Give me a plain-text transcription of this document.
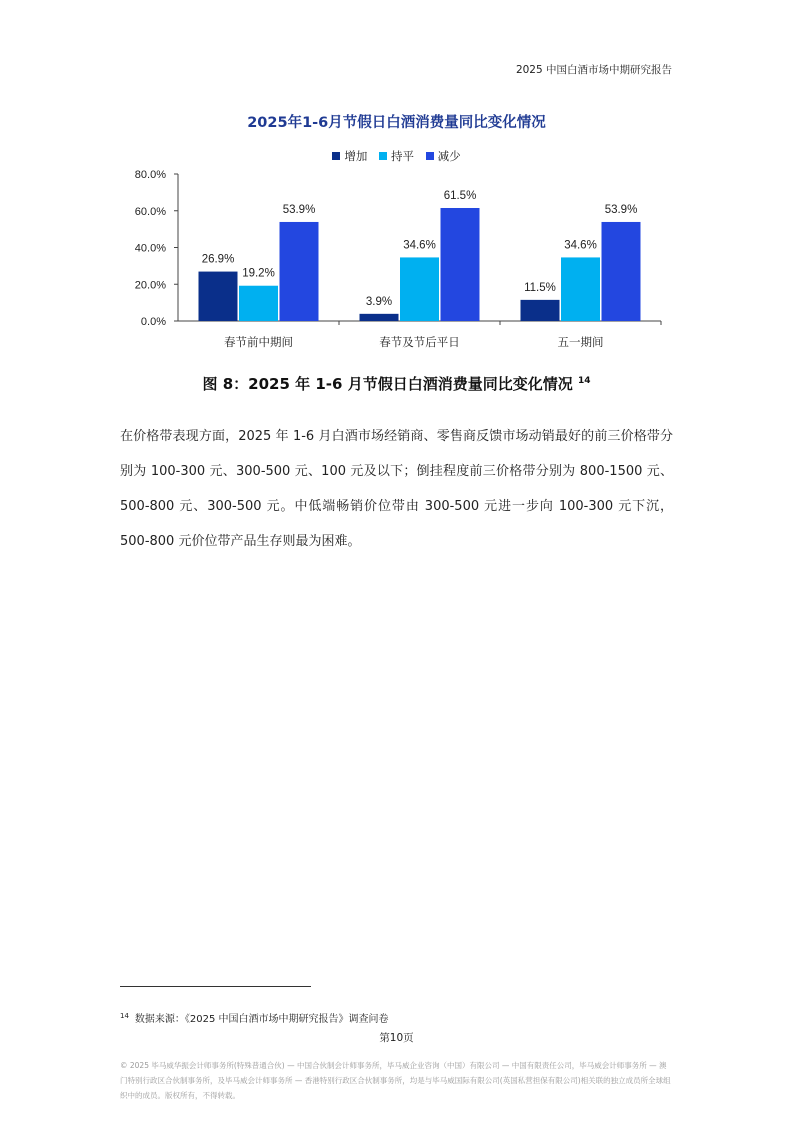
2025 中国白酒市场中期研究报告
2025年1-6月节假日白酒消费量同比变化情况
增加 持平 减少
0.0%
20.0%
40.0%
60.0%
80.0%
26.9%
19.2%
53.9%
春节前中期间
3.9%
34.6%
61.5%
春节及节后平日
11.5%
34.6%
53.9%
五一期间
图 8：2025 年 1-6 月节假日白酒消费量同比变化情况 $^{14}$

在价格带表现方面，2025 年 1-6 月白酒市场经销商、零售商反馈市场动销最好的前三价格带分别为 100-300 元、300-500 元、100 元及以下；倒挂程度前三价格带分别为 800-1500 元、500-800 元、300-500 元。中低端畅销价位带由 300-500 元进一步向 100-300 元下沉，500-800 元价位带产品生存则最为困难。

$^{14}$ 数据来源：《2025 中国白酒市场中期研究报告》调查问卷
第10页

© 2025 毕马威华振会计师事务所(特殊普通合伙) — 中国合伙制会计师事务所，毕马威企业咨询（中国）有限公司 — 中国有限责任公司，毕马威会计师事务所 — 澳门特别行政区合伙制事务所，及毕马威会计师事务所 — 香港特别行政区合伙制事务所，均是与毕马威国际有限公司(英国私营担保有限公司)相关联的独立成员所全球组织中的成员。版权所有，不得转载。
